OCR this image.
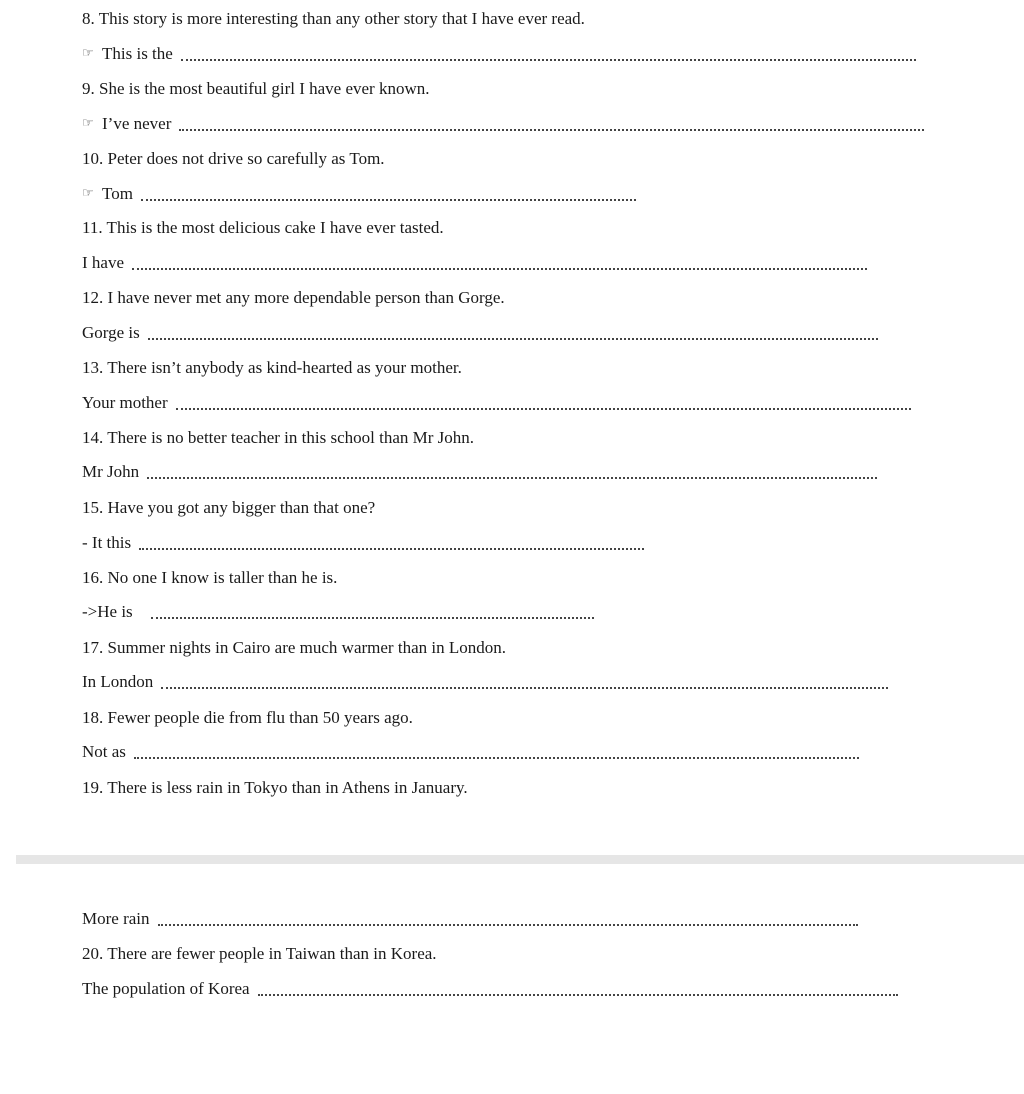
8. This story is more interesting than any other story that I have ever read.
☞ This is the
9. She is the most beautiful girl I have ever known.
☞ I’ve never
10. Peter does not drive so carefully as Tom.
☞ Tom
11. This is the most delicious cake I have ever tasted.
I have
12. I have never met any more dependable person than Gorge.
Gorge is
13. There isn’t anybody as kind-hearted as your mother.
Your mother
14. There is no better teacher in this school than Mr John.
Mr John
15. Have you got any bigger than that one?
- It this
16. No one I know is taller than he is.
->He is
17. Summer nights in Cairo are much warmer than in London.
In London
18. Fewer people die from flu than 50 years ago.
Not as
19. There is less rain in Tokyo than in Athens in January.
More rain
20. There are fewer people in Taiwan than in Korea.
The population of Korea
